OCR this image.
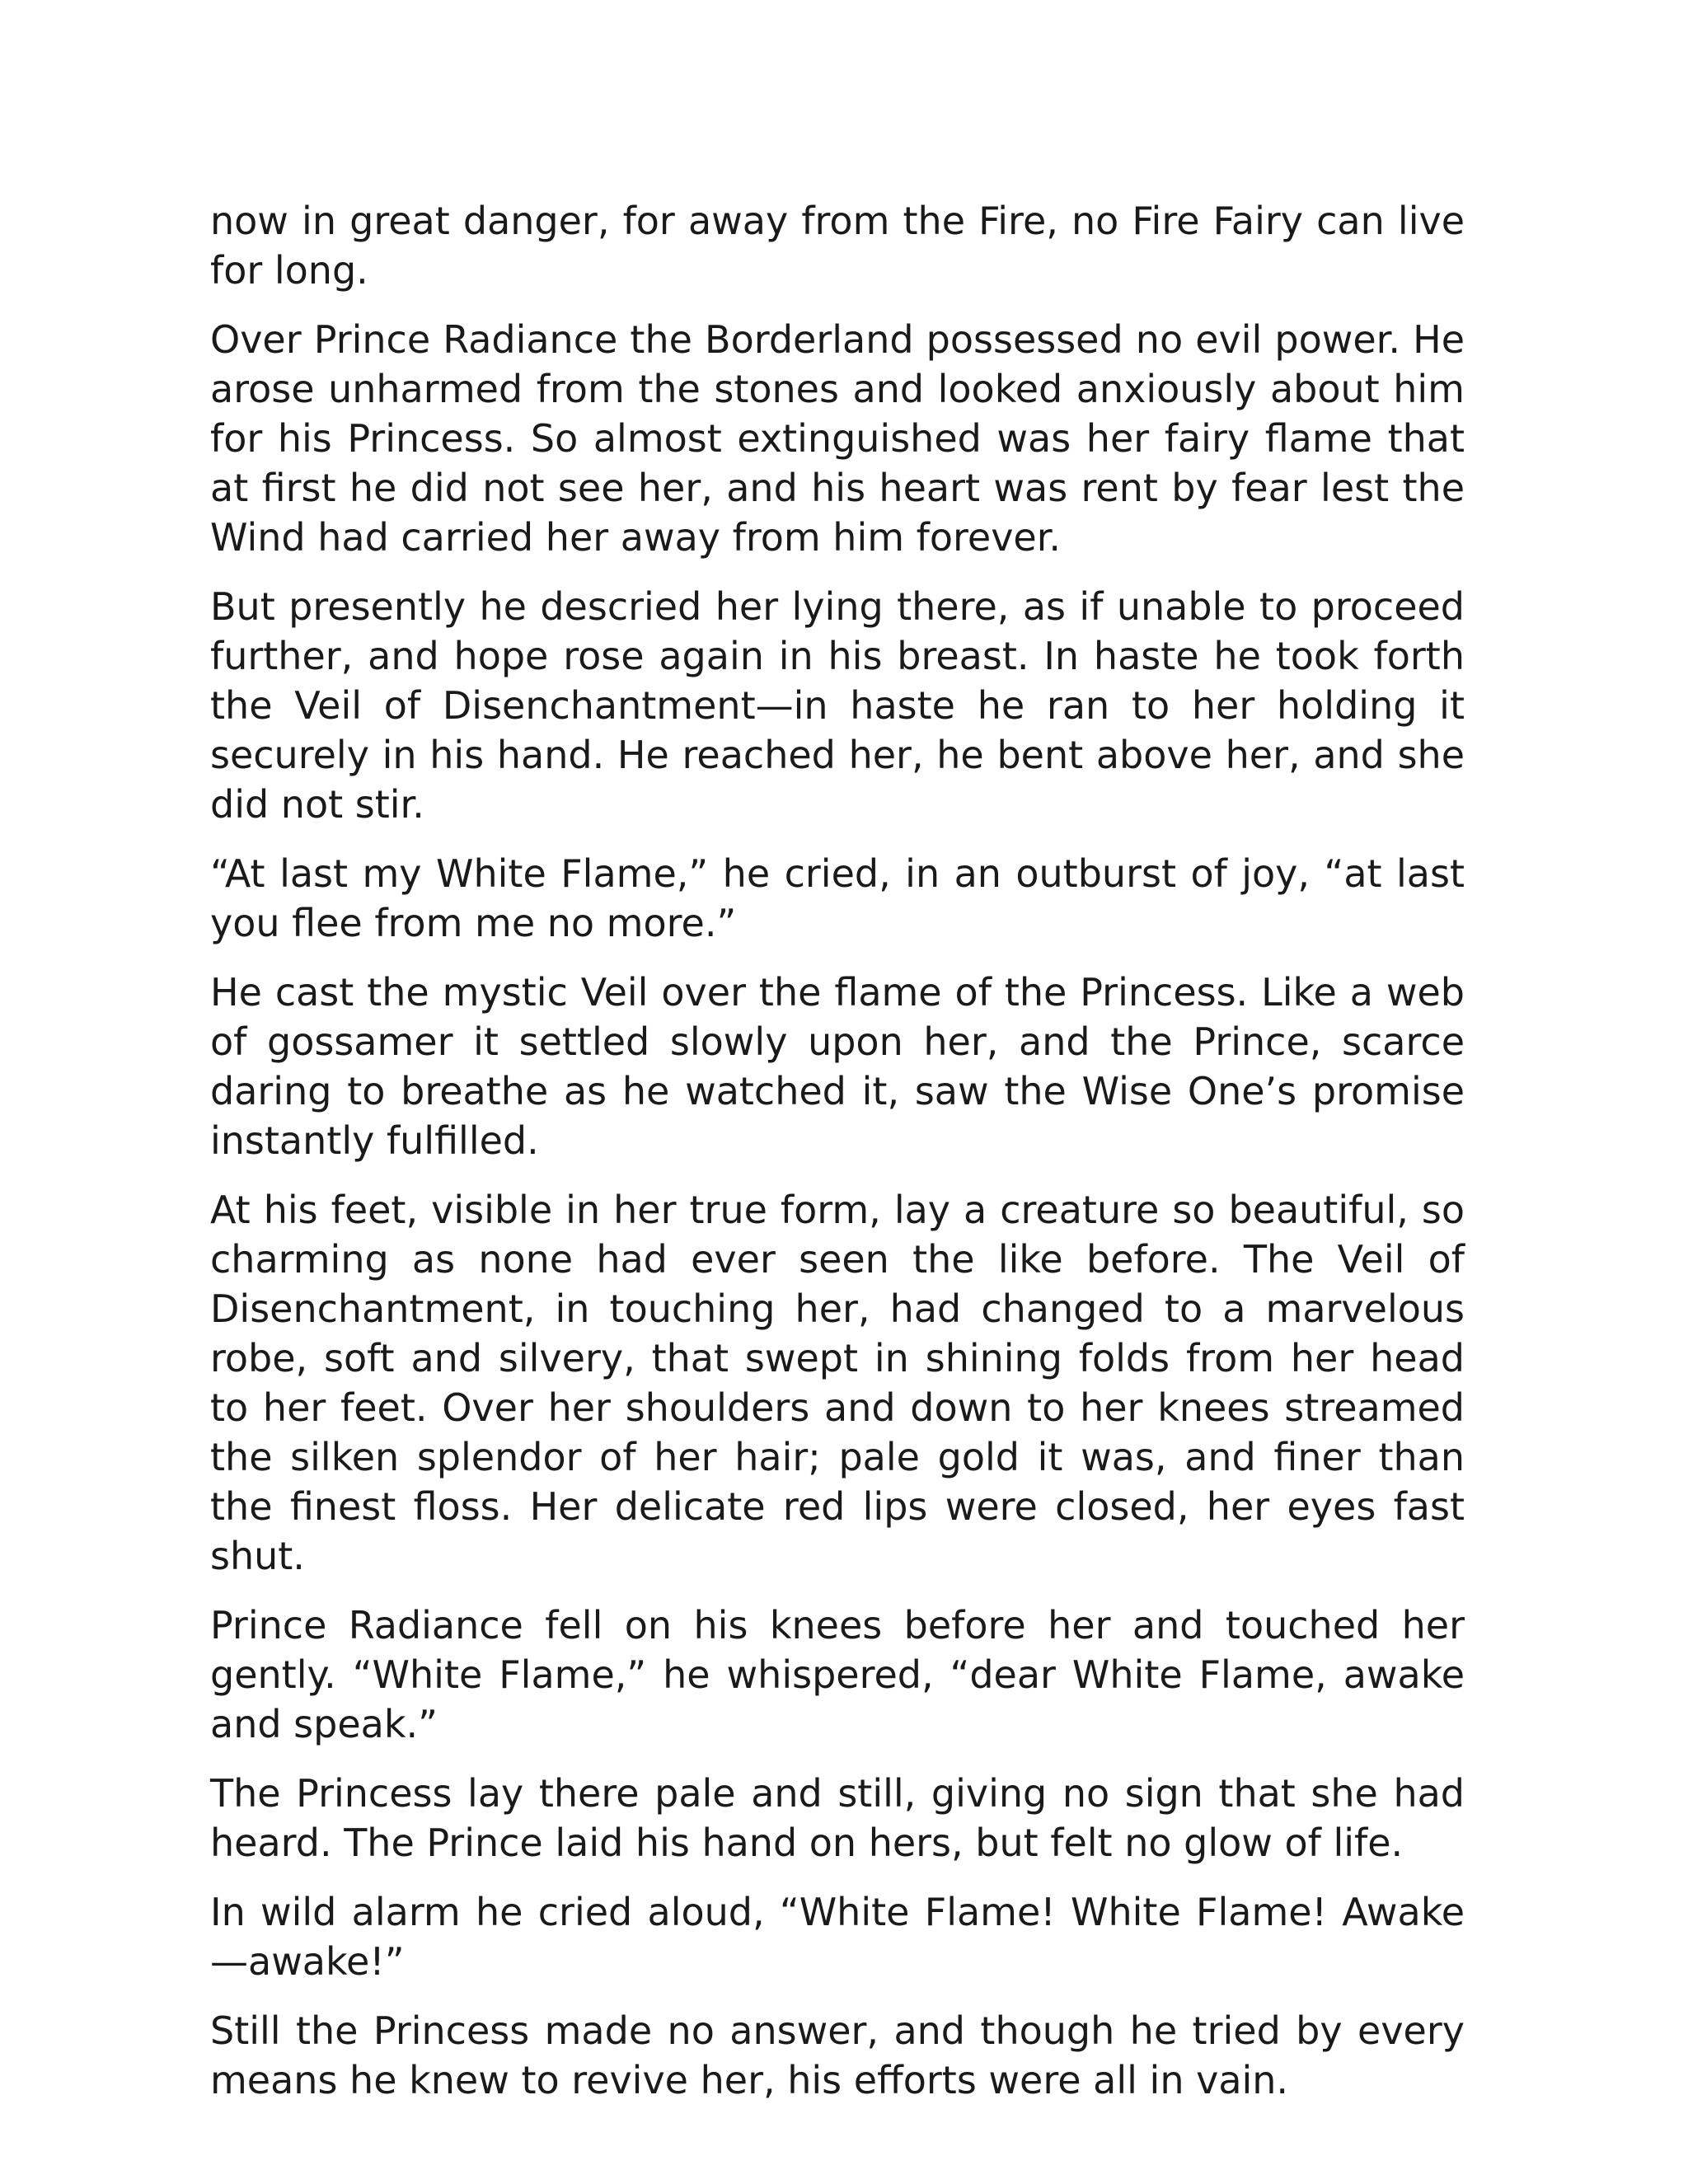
now in great danger, for away from the Fire, no Fire Fairy can live for long.

Over Prince Radiance the Borderland possessed no evil power. He arose unharmed from the stones and looked anxiously about him for his Princess. So almost extinguished was her fairy flame that at first he did not see her, and his heart was rent by fear lest the Wind had carried her away from him forever.

But presently he descried her lying there, as if unable to proceed further, and hope rose again in his breast. In haste he took forth the Veil of Disenchantment—in haste he ran to her holding it securely in his hand. He reached her, he bent above her, and she did not stir.

“At last my White Flame,” he cried, in an outburst of joy, “at last you flee from me no more.”

He cast the mystic Veil over the flame of the Princess. Like a web of gossamer it settled slowly upon her, and the Prince, scarce daring to breathe as he watched it, saw the Wise One’s promise instantly fulfilled.

At his feet, visible in her true form, lay a creature so beautiful, so charming as none had ever seen the like before. The Veil of Disenchantment, in touching her, had changed to a marvelous robe, soft and silvery, that swept in shining folds from her head to her feet. Over her shoulders and down to her knees streamed the silken splendor of her hair; pale gold it was, and finer than the finest floss. Her delicate red lips were closed, her eyes fast shut.

Prince Radiance fell on his knees before her and touched her gently. “White Flame,” he whispered, “dear White Flame, awake and speak.”

The Princess lay there pale and still, giving no sign that she had heard. The Prince laid his hand on hers, but felt no glow of life.

In wild alarm he cried aloud, “White Flame! White Flame! Awake—awake!”

Still the Princess made no answer, and though he tried by every means he knew to revive her, his efforts were all in vain.
